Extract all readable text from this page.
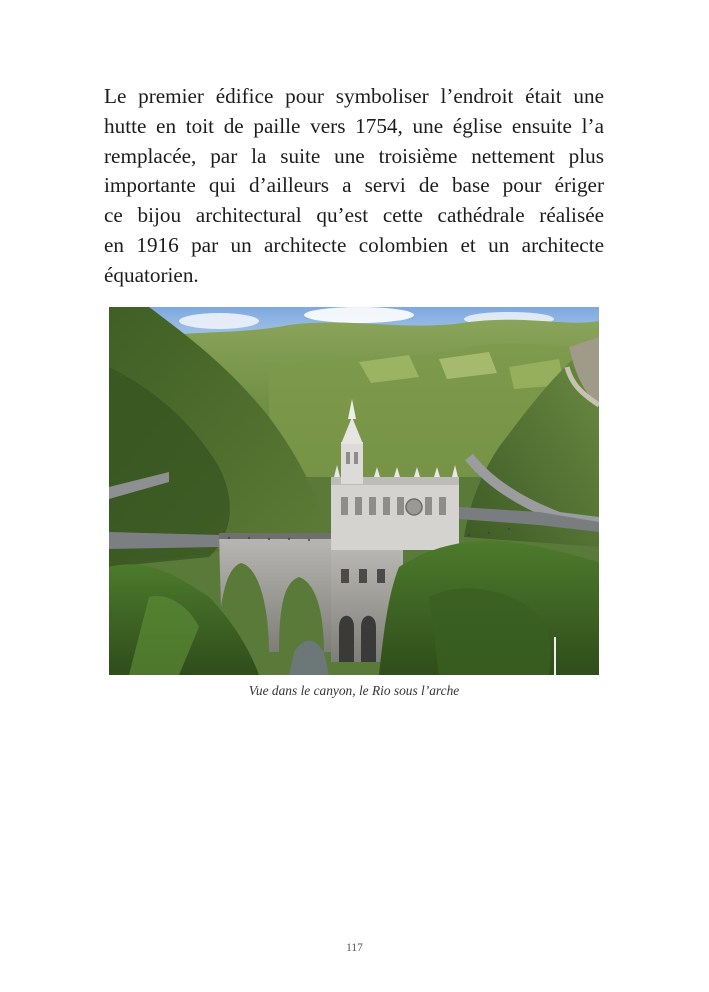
Le premier édifice pour symboliser l’endroit était une
hutte en toit de paille vers 1754, une église ensuite l’a
remplacée, par la suite une troisième nettement plus
importante qui d’ailleurs a servi de base pour ériger
ce bijou architectural qu’est cette cathédrale réalisée
en 1916 par un architecte colombien et un architecte
équatorien.
Vue dans le canyon, le Rio sous l’arche
117
